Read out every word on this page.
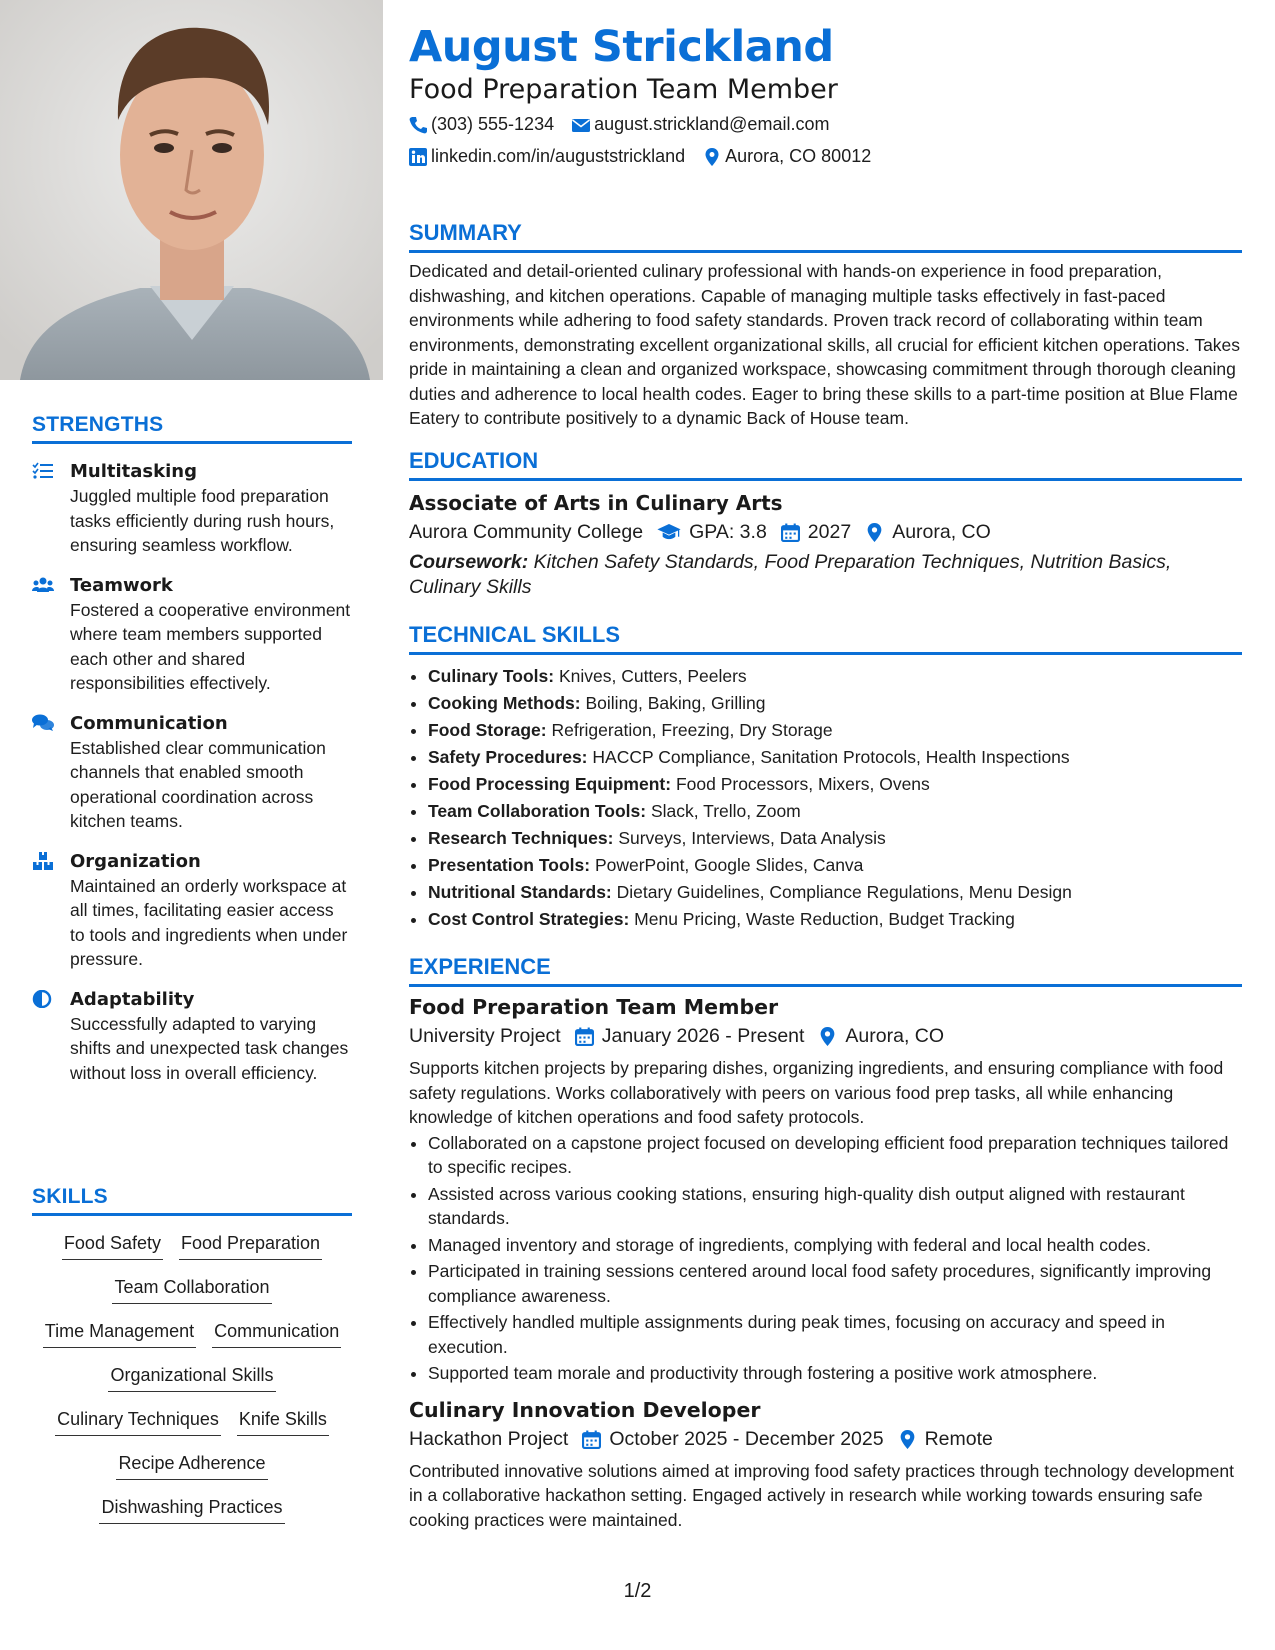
STRENGTHS
Multitasking
Juggled multiple food preparation tasks efficiently during rush hours, ensuring seamless workflow.
Teamwork
Fostered a cooperative environment where team members supported each other and shared responsibilities effectively.
Communication
Established clear communication channels that enabled smooth operational coordination across kitchen teams.
Organization
Maintained an orderly workspace at all times, facilitating easier access to tools and ingredients when under pressure.
Adaptability
Successfully adapted to varying shifts and unexpected task changes without loss in overall efficiency.
SKILLS
Food Safety Food Preparation
Team Collaboration
Time Management Communication
Organizational Skills
Culinary Techniques Knife Skills
Recipe Adherence
Dishwashing Practices
August Strickland
Food Preparation Team Member
(303) 555-1234 august.strickland@email.com
linkedin.com/in/auguststrickland Aurora, CO 80012
SUMMARY
Dedicated and detail-oriented culinary professional with hands-on experience in food preparation, dishwashing, and kitchen operations. Capable of managing multiple tasks effectively in fast-paced environments while adhering to food safety standards. Proven track record of collaborating within team environments, demonstrating excellent organizational skills, all crucial for efficient kitchen operations. Takes pride in maintaining a clean and organized workspace, showcasing commitment through thorough cleaning duties and adherence to local health codes. Eager to bring these skills to a part-time position at Blue Flame Eatery to contribute positively to a dynamic Back of House team.
EDUCATION
Associate of Arts in Culinary Arts
Aurora Community College GPA: 3.8 2027 Aurora, CO
Coursework: Kitchen Safety Standards, Food Preparation Techniques, Nutrition Basics, Culinary Skills
TECHNICAL SKILLS
• Culinary Tools: Knives, Cutters, Peelers
• Cooking Methods: Boiling, Baking, Grilling
• Food Storage: Refrigeration, Freezing, Dry Storage
• Safety Procedures: HACCP Compliance, Sanitation Protocols, Health Inspections
• Food Processing Equipment: Food Processors, Mixers, Ovens
• Team Collaboration Tools: Slack, Trello, Zoom
• Research Techniques: Surveys, Interviews, Data Analysis
• Presentation Tools: PowerPoint, Google Slides, Canva
• Nutritional Standards: Dietary Guidelines, Compliance Regulations, Menu Design
• Cost Control Strategies: Menu Pricing, Waste Reduction, Budget Tracking
EXPERIENCE
Food Preparation Team Member
University Project January 2026 - Present Aurora, CO
Supports kitchen projects by preparing dishes, organizing ingredients, and ensuring compliance with food safety regulations. Works collaboratively with peers on various food prep tasks, all while enhancing knowledge of kitchen operations and food safety protocols.
• Collaborated on a capstone project focused on developing efficient food preparation techniques tailored to specific recipes.
• Assisted across various cooking stations, ensuring high-quality dish output aligned with restaurant standards.
• Managed inventory and storage of ingredients, complying with federal and local health codes.
• Participated in training sessions centered around local food safety procedures, significantly improving compliance awareness.
• Effectively handled multiple assignments during peak times, focusing on accuracy and speed in execution.
• Supported team morale and productivity through fostering a positive work atmosphere.
Culinary Innovation Developer
Hackathon Project October 2025 - December 2025 Remote
Contributed innovative solutions aimed at improving food safety practices through technology development in a collaborative hackathon setting. Engaged actively in research while working towards ensuring safe cooking practices were maintained.
1/2
